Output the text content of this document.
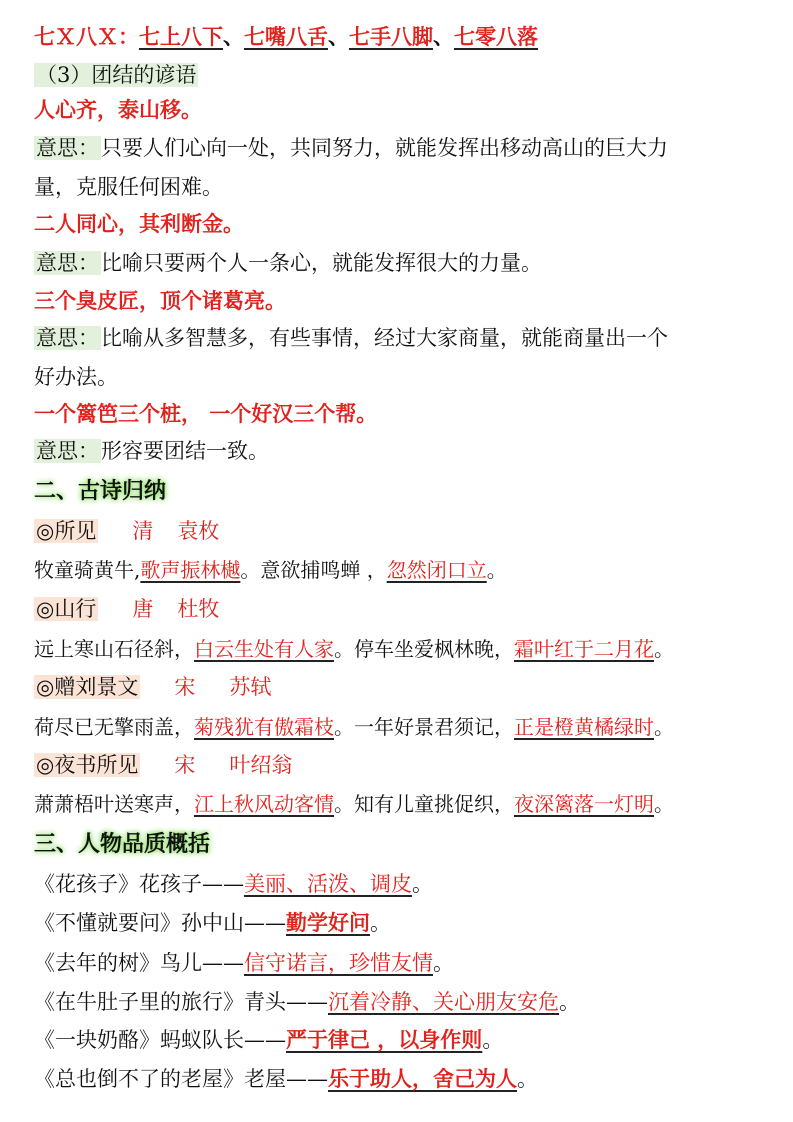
七Ｘ八Ｘ：七上八下、七嘴八舌、七手八脚、七零八落
（3）团结的谚语
人心齐，泰山移。
意思：只要人们心向一处，共同努力，就能发挥出移动高山的巨大力
量，克服任何困难。
二人同心，其利断金。
意思：比喻只要两个人一条心，就能发挥很大的力量。
三个臭皮匠，顶个诸葛亮。
意思：比喻从多智慧多，有些事情，经过大家商量，就能商量出一个
好办法。
一个篱笆三个桩， 一个好汉三个帮。
意思：形容要团结一致。
二、古诗归纳
◎所见 清 袁枚
牧童骑黄牛,歌声振林樾。意欲捕鸣蝉 ，忽然闭口立。
◎山行 唐 杜牧
远上寒山石径斜，白云生处有人家。停车坐爱枫林晚，霜叶红于二月花。
◎赠刘景文 宋 苏轼
荷尽已无擎雨盖，菊残犹有傲霜枝。一年好景君须记，正是橙黄橘绿时。
◎夜书所见 宋 叶绍翁
萧萧梧叶送寒声，江上秋风动客情。知有儿童挑促织，夜深篱落一灯明。
三、人物品质概括
《花孩子》花孩子——美丽、活泼、调皮。
《不懂就要问》孙中山——勤学好问。
《去年的树》鸟儿——信守诺言，珍惜友情。
《在牛肚子里的旅行》青头——沉着冷静、关心朋友安危。
《一块奶酪》蚂蚁队长——严于律己 ，以身作则。
《总也倒不了的老屋》老屋——乐于助人，舍己为人。
